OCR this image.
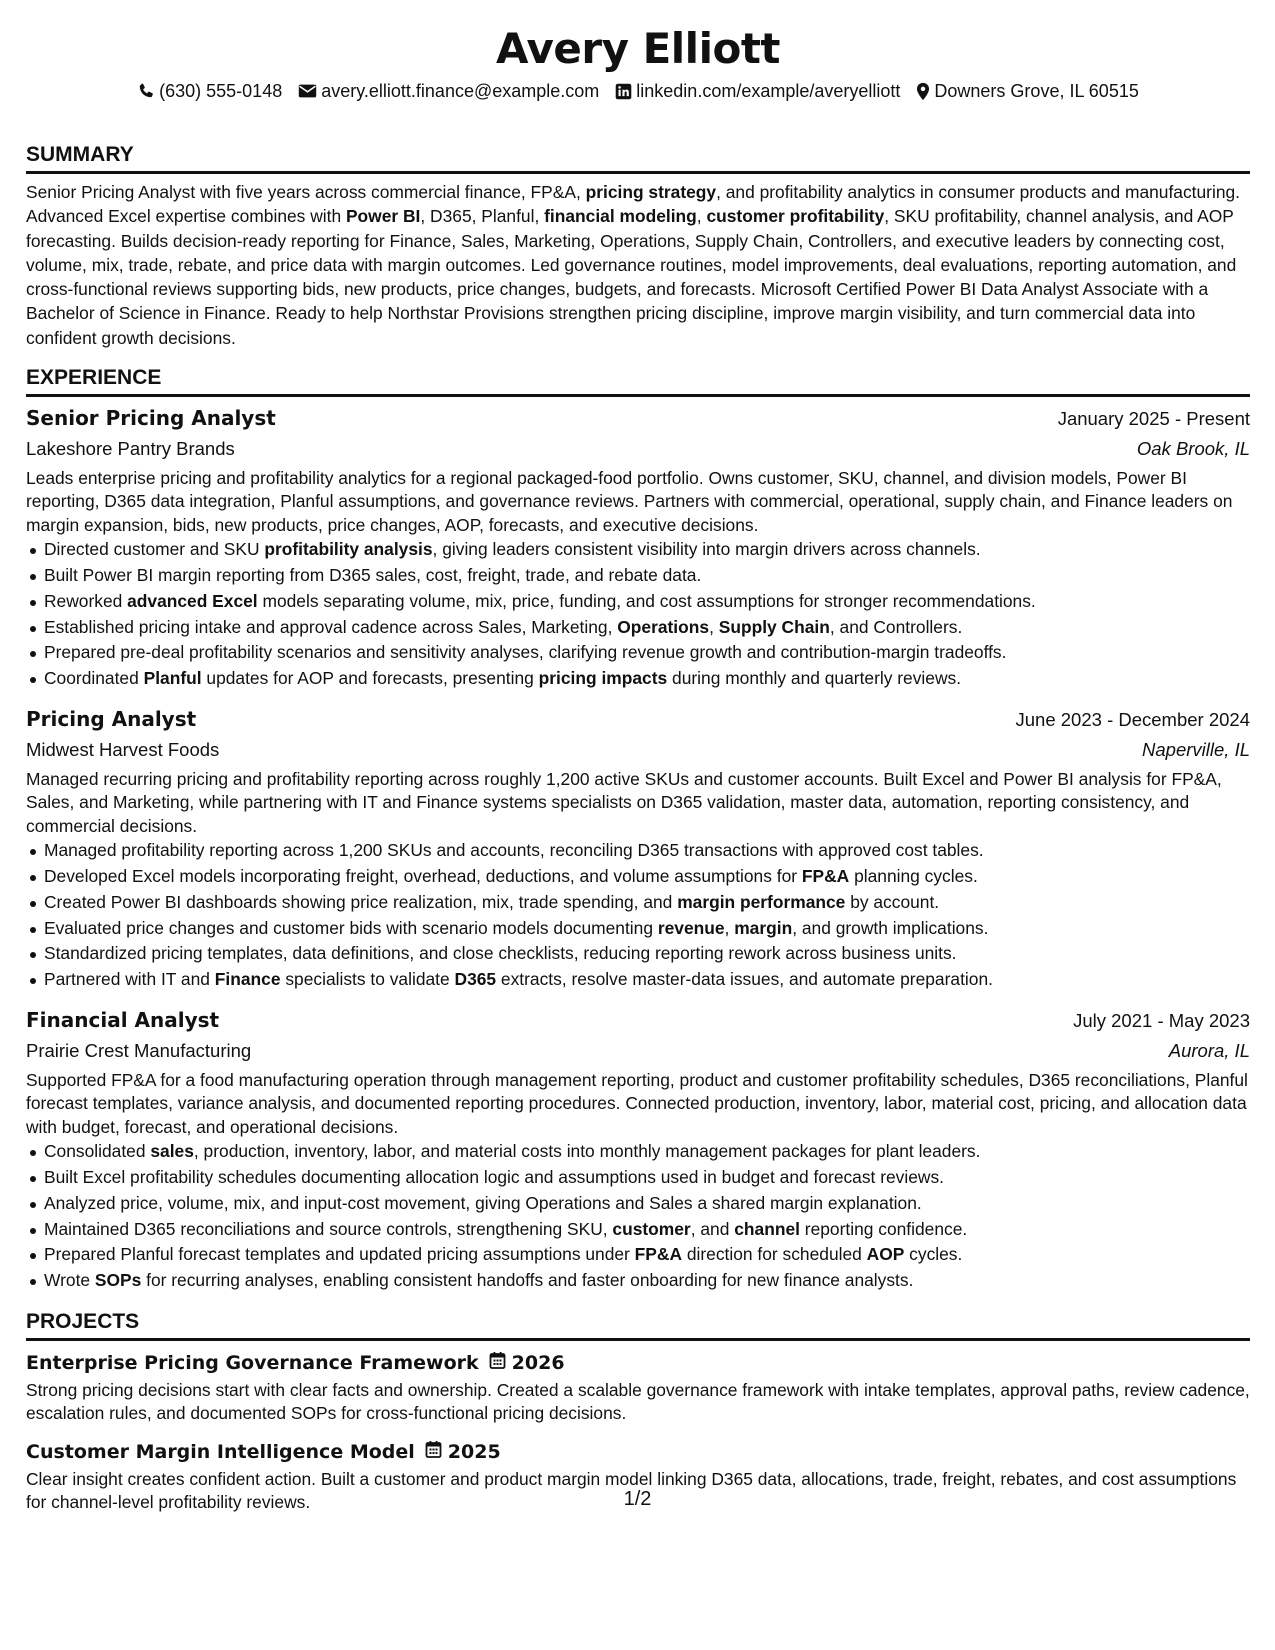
Avery Elliott
(630) 555-0148 avery.elliott.finance@example.com linkedin.com/example/averyelliott Downers Grove, IL 60515
SUMMARY

Senior Pricing Analyst with five years across commercial finance, FP&A, pricing strategy, and profitability analytics in consumer products and manufacturing. Advanced Excel expertise combines with Power BI, D365, Planful, financial modeling, customer profitability, SKU profitability, channel analysis, and AOP forecasting. Builds decision-ready reporting for Finance, Sales, Marketing, Operations, Supply Chain, Controllers, and executive leaders by connecting cost, volume, mix, trade, rebate, and price data with margin outcomes. Led governance routines, model improvements, deal evaluations, reporting automation, and cross-functional reviews supporting bids, new products, price changes, budgets, and forecasts. Microsoft Certified Power BI Data Analyst Associate with a Bachelor of Science in Finance. Ready to help Northstar Provisions strengthen pricing discipline, improve margin visibility, and turn commercial data into confident growth decisions.

EXPERIENCE
Senior Pricing Analyst	January 2025 - Present
Lakeshore Pantry Brands	Oak Brook, IL

Leads enterprise pricing and profitability analytics for a regional packaged-food portfolio. Owns customer, SKU, channel, and division models, Power BI reporting, D365 data integration, Planful assumptions, and governance reviews. Partners with commercial, operational, supply chain, and Finance leaders on margin expansion, bids, new products, price changes, AOP, forecasts, and executive decisions.

Directed customer and SKU profitability analysis, giving leaders consistent visibility into margin drivers across channels.
Built Power BI margin reporting from D365 sales, cost, freight, trade, and rebate data.
Reworked advanced Excel models separating volume, mix, price, funding, and cost assumptions for stronger recommendations.
Established pricing intake and approval cadence across Sales, Marketing, Operations, Supply Chain, and Controllers.
Prepared pre-deal profitability scenarios and sensitivity analyses, clarifying revenue growth and contribution-margin tradeoffs.
Coordinated Planful updates for AOP and forecasts, presenting pricing impacts during monthly and quarterly reviews.
Pricing Analyst	June 2023 - December 2024
Midwest Harvest Foods	Naperville, IL

Managed recurring pricing and profitability reporting across roughly 1,200 active SKUs and customer accounts. Built Excel and Power BI analysis for FP&A, Sales, and Marketing, while partnering with IT and Finance systems specialists on D365 validation, master data, automation, reporting consistency, and commercial decisions.

Managed profitability reporting across 1,200 SKUs and accounts, reconciling D365 transactions with approved cost tables.
Developed Excel models incorporating freight, overhead, deductions, and volume assumptions for FP&A planning cycles.
Created Power BI dashboards showing price realization, mix, trade spending, and margin performance by account.
Evaluated price changes and customer bids with scenario models documenting revenue, margin, and growth implications.
Standardized pricing templates, data definitions, and close checklists, reducing reporting rework across business units.
Partnered with IT and Finance specialists to validate D365 extracts, resolve master-data issues, and automate preparation.
Financial Analyst	July 2021 - May 2023
Prairie Crest Manufacturing	Aurora, IL

Supported FP&A for a food manufacturing operation through management reporting, product and customer profitability schedules, D365 reconciliations, Planful forecast templates, variance analysis, and documented reporting procedures. Connected production, inventory, labor, material cost, pricing, and allocation data with budget, forecast, and operational decisions.

Consolidated sales, production, inventory, labor, and material costs into monthly management packages for plant leaders.
Built Excel profitability schedules documenting allocation logic and assumptions used in budget and forecast reviews.
Analyzed price, volume, mix, and input-cost movement, giving Operations and Sales a shared margin explanation.
Maintained D365 reconciliations and source controls, strengthening SKU, customer, and channel reporting confidence.
Prepared Planful forecast templates and updated pricing assumptions under FP&A direction for scheduled AOP cycles.
Wrote SOPs for recurring analyses, enabling consistent handoffs and faster onboarding for new finance analysts.
PROJECTS
Enterprise Pricing Governance Framework 2026

Strong pricing decisions start with clear facts and ownership. Created a scalable governance framework with intake templates, approval paths, review cadence, escalation rules, and documented SOPs for cross-functional pricing decisions.

Customer Margin Intelligence Model 2025

Clear insight creates confident action. Built a customer and product margin model linking D365 data, allocations, trade, freight, rebates, and cost assumptions for channel-level profitability reviews.	1/2
